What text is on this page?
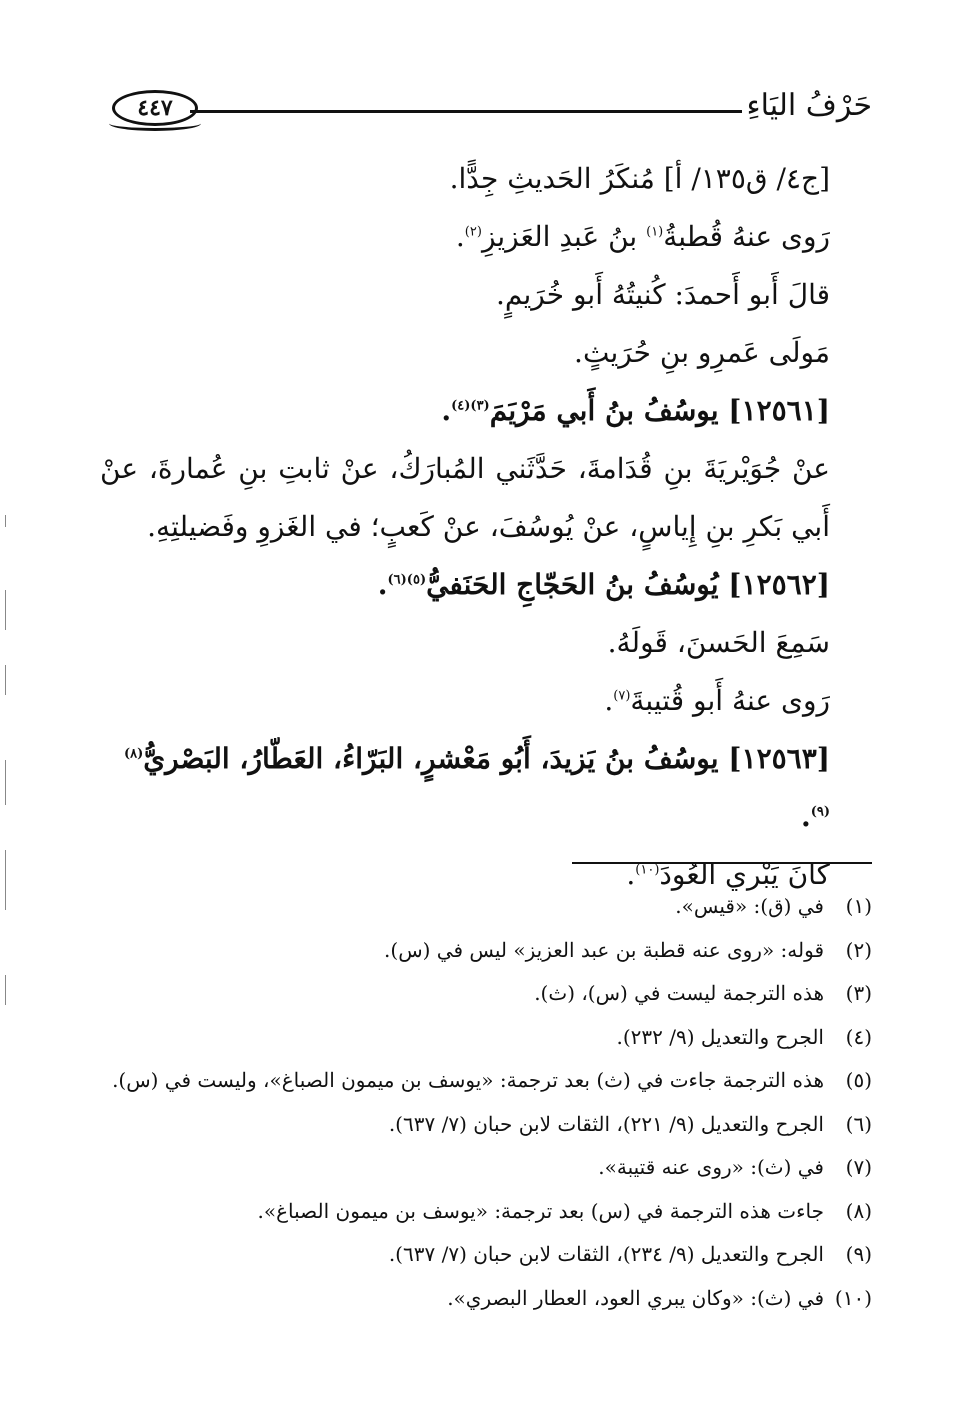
حَرْفُ اليَاءِ
٤٤٧

[ج٤/ ق١٣٥/ أ] مُنكَرُ الحَديثِ جِدًّا.

رَوى عنهُ قُطبةُ$^{(١)}$ بنُ عَبدِ العَزيزِ$^{(٢)}$.

قالَ أَبو أَحمدَ: كُنيتُهُ أَبو خُرَيمٍ.

مَولَى عَمرِو بنِ حُرَيثٍ.

[١٢٥٦١] يوسُفُ بنُ أَبي مَرْيَمَ$^{(٣)(٤)}$.

عنْ جُوَيْريَةَ بنِ قُدَامةَ، حَدَّثَني المُبارَكُ، عنْ ثابتِ بنِ عُمارةَ، عنْ أَبي بَكرِ بنِ إِياسٍ، عنْ يُوسُفَ، عنْ كَعبٍ؛ في الغَزوِ وفَضيلتِهِ.

[١٢٥٦٢] يُوسُفُ بنُ الحَجّاجِ الحَنَفيُّ$^{(٥)(٦)}$.

سَمِعَ الحَسنَ، قَولَهُ.

رَوى عنهُ أَبو قُتيبةَ$^{(٧)}$.

[١٢٥٦٣] يوسُفُ بنُ يَزيدَ، أَبُو مَعْشرٍ، البَرّاءُ، العَطّارُ، البَصْريُّ$^{(٨)(٩)}$.

كانَ يَبْري العُودَ$^{(١٠)}$.

(١)في (ق): «قيس».
(٢)قوله: «روى عنه قطبة بن عبد العزيز» ليس في (س).
(٣)هذه الترجمة ليست في (س)، (ث).
(٤)الجرح والتعديل (٩/ ٢٣٢).
(٥)هذه الترجمة جاءت في (ث) بعد ترجمة: «يوسف بن ميمون الصباغ»، وليست في (س).
(٦)الجرح والتعديل (٩/ ٢٢١)، الثقات لابن حبان (٧/ ٦٣٧).
(٧)في (ث): «روى عنه قتيبة».
(٨)جاءت هذه الترجمة في (س) بعد ترجمة: «يوسف بن ميمون الصباغ».
(٩)الجرح والتعديل (٩/ ٢٣٤)، الثقات لابن حبان (٧/ ٦٣٧).
(١٠)في (ث): «وكان يبري العود، العطار البصري».
